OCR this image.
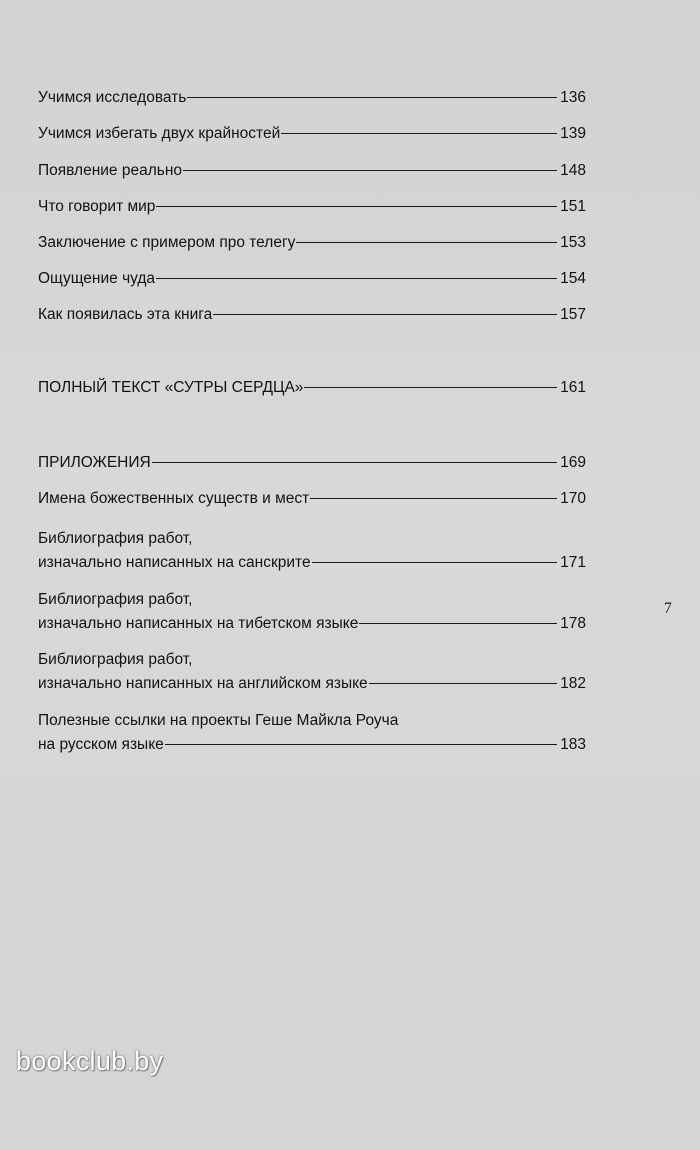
Учимся исследовать	136
Учимся избегать двух крайностей	139
Появление реально	148
Что говорит мир	151
Заключение с примером про телегу	153
Ощущение чуда	154
Как появилась эта книга	157
ПОЛНЫЙ ТЕКСТ «СУТРЫ СЕРДЦА»	161
ПРИЛОЖЕНИЯ	169
Имена божественных существ и мест	170
Библиография работ,
изначально написанных на санскрите	171
Библиография работ,
изначально написанных на тибетском языке	178
Библиография работ,
изначально написанных на английском языке	182
Полезные ссылки на проекты Геше Майкла Роуча
на русском языке	183
7
bookclub.by
